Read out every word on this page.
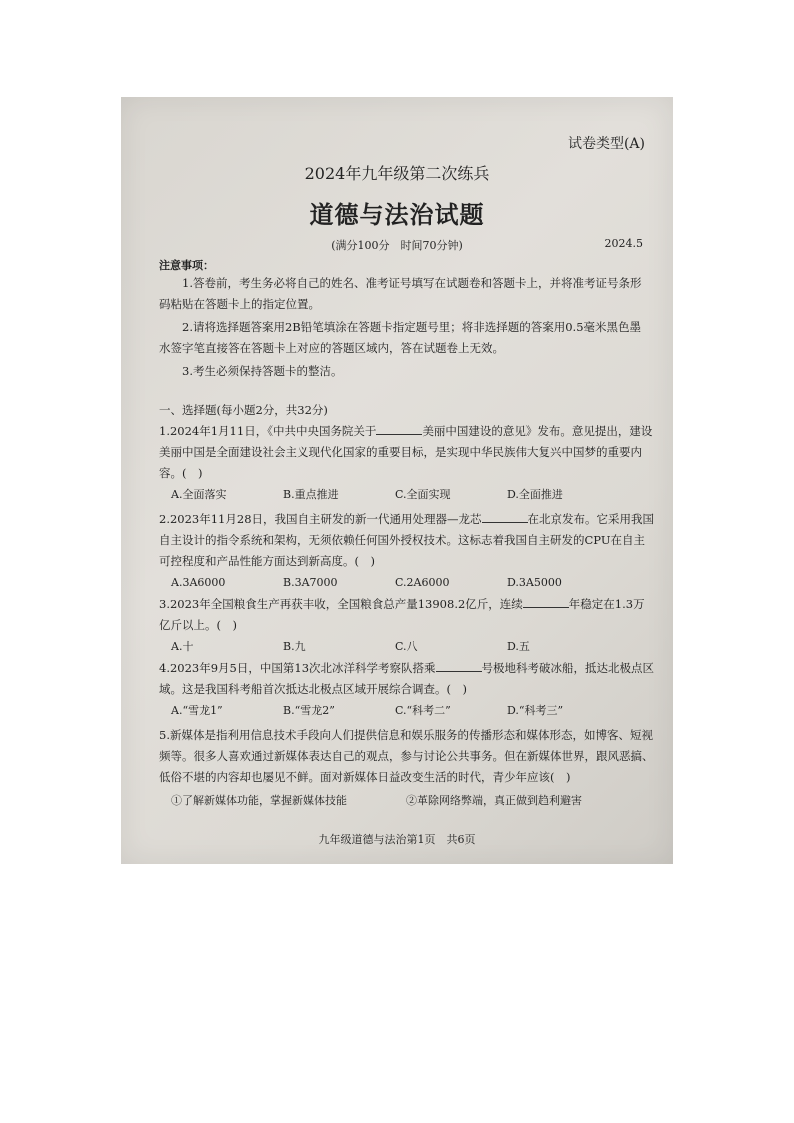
试卷类型(A)
2024年九年级第二次练兵
道德与法治试题
(满分100分　时间70分钟)	2024.5
注意事项：

1.答卷前，考生务必将自己的姓名、准考证号填写在试题卷和答题卡上，并将准考证号条形码粘贴在答题卡上的指定位置。

2.请将选择题答案用2B铅笔填涂在答题卡指定题号里；将非选择题的答案用0.5毫米黑色墨水签字笔直接答在答题卡上对应的答题区域内，答在试题卷上无效。

3.考生必须保持答题卡的整洁。

一、选择题(每小题2分，共32分)

1.2024年1月11日，《中共中央国务院关于	美丽中国建设的意见》发布。意见提出，建设美丽中国是全面建设社会主义现代化国家的重要目标，是实现中华民族伟大复兴中国梦的重要内容。(　)

A.全面落实	B.重点推进	C.全面实现	D.全面推进

2.2023年11月28日，我国自主研发的新一代通用处理器—龙芯	在北京发布。它采用我国自主设计的指令系统和架构，无须依赖任何国外授权技术。这标志着我国自主研发的CPU在自主可控程度和产品性能方面达到新高度。(　)

A.3A6000	B.3A7000	C.2A6000	D.3A5000

3.2023年全国粮食生产再获丰收，全国粮食总产量13908.2亿斤，连续	年稳定在1.3万亿斤以上。(　)

A.十	B.九	C.八	D.五

4.2023年9月5日，中国第13次北冰洋科学考察队搭乘	号极地科考破冰船，抵达北极点区域。这是我国科考船首次抵达北极点区域开展综合调查。(　)

A.“雪龙1”	B.“雪龙2”	C.“科考二”	D.“科考三”

5.新媒体是指利用信息技术手段向人们提供信息和娱乐服务的传播形态和媒体形态，如博客、短视频等。很多人喜欢通过新媒体表达自己的观点，参与讨论公共事务。但在新媒体世界，跟风恶搞、低俗不堪的内容却也屡见不鲜。面对新媒体日益改变生活的时代，青少年应该(　)

①了解新媒体功能，掌握新媒体技能	②革除网络弊端，真正做到趋利避害
九年级道德与法治第1页　共6页
